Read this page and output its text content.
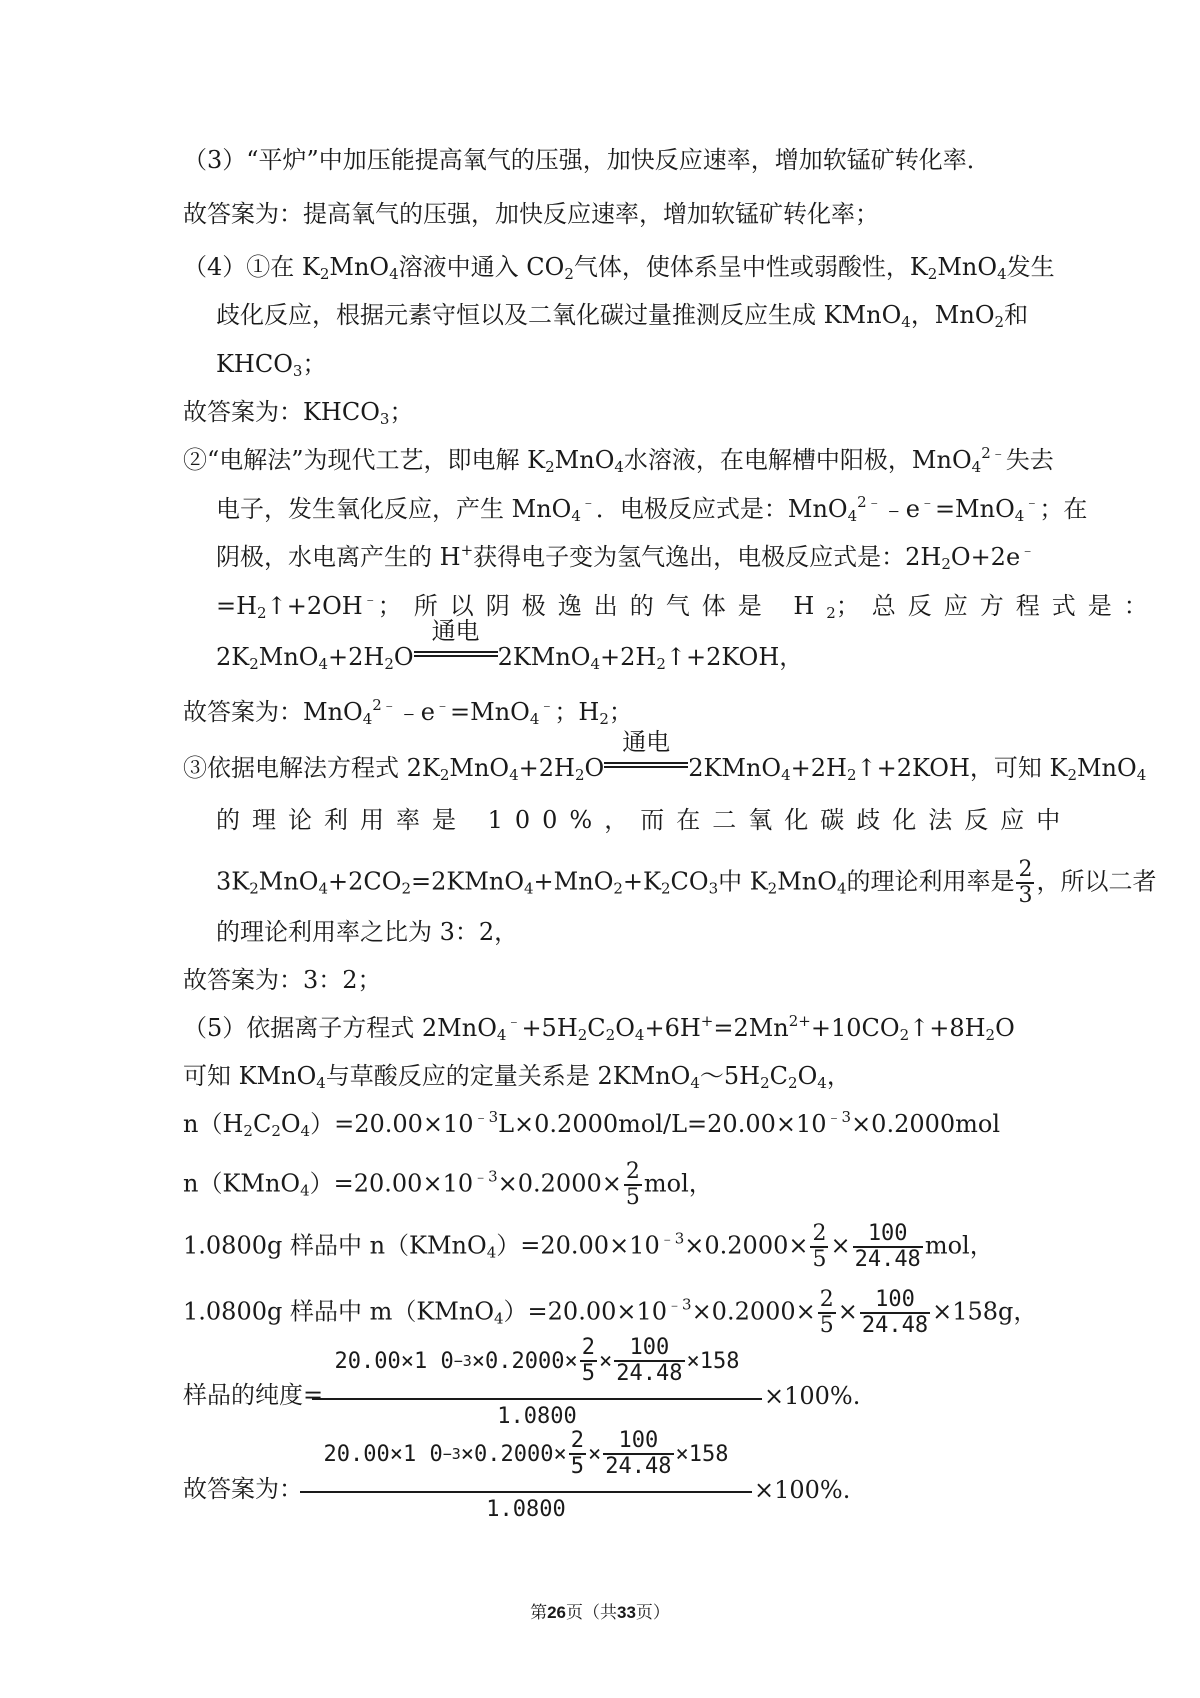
（3）“平炉”中加压能提高氧气的压强，加快反应速率，增加软锰矿转化率．
故答案为：提高氧气的压强，加快反应速率，增加软锰矿转化率；
（4）①在 $K_2MnO_4$溶液中通入 $CO_2$气体，使体系呈中性或弱酸性，$K_2MnO_4$发生
歧化反应，根据元素守恒以及二氧化碳过量推测反应生成 KMnO$_4$，MnO$_2$和
$KHCO_3$；
故答案为：$KHCO_3$；
②“电解法”为现代工艺，即电解 $K_2MnO_4$水溶液，在电解槽中阳极，MnO$_4^{2﹣}$失去
电子，发生氧化反应，产生 MnO$_4$﹣．电极反应式是：MnO$_4^{2﹣}$﹣e﹣=MnO$_4$﹣；在
阴极，水电离产生的 H+获得电子变为氢气逸出，电极反应式是：$2H_2O+2e^﹣$
$=H_2↑+2OH^﹣$；所以阴极逸出的气体是 $H_2$；总反应方程式是：
$2K_2MnO_4+2H_2O$
通电
$2KMnO_4+2H_2↑+2KOH$，
故答案为：MnO$_4^{2﹣}$﹣e﹣=MnO$_4$﹣；$H_2$；
③依据电解法方程式 $2K_2MnO_4+2H_2O$
通电
$2KMnO_4+2H_2↑+2KOH$，可知 $K_2MnO_4$
的理论利用率是 100%，而在二氧化碳歧化法反应中
$3K_2MnO_4+2CO_2=2KMnO_4+MnO_2+K_2CO_3$中 $K_2MnO_4$的理论利用率是 $\frac{2}{3}$ ，所以二者
的理论利用率之比为 3：2，
故答案为：3：2；
（5）依据离子方程式 $2MnO_4^﹣+5H_2C_2O_4+6H^+=2Mn^{2+}+10CO_2↑+8H_2O$
可知 KMnO$_4$与草酸反应的定量关系是 $2KMnO_4\sim 5H_2C_2O_4$，
$n(H_2C_2O_4)=20.00\times 10^{﹣3}L\times 0.2000mol/L=20.00\times 10^{﹣3}\times 0.2000mol$
$n(KMnO_4)=20.00\times 10^{﹣3}\times 0.2000\times \frac{2}{5}$ mol，
1.0800g 样品中 $n(KMnO_4)=20.00\times 10^{﹣3}\times 0.2000\times \frac{2}{5} \times \frac{100}{24.48}$ mol，
1.0800g 样品中 $m(KMnO_4)=20.00\times 10^{﹣3}\times 0.2000\times \frac{2}{5} \times \frac{100}{24.48} \times 158g$，
样品的纯度=
20.00×1 $0 -3 \times 0.2000\times \frac{2}{5} \times \frac{100}{24.48} \times 158$
1.0800
×100%.
故答案为：
20.00×1 $0 -3 \times 0.2000\times \frac{2}{5} \times \frac{100}{24.48} \times 158$
1.0800
×100%.
第26页（共33页）
